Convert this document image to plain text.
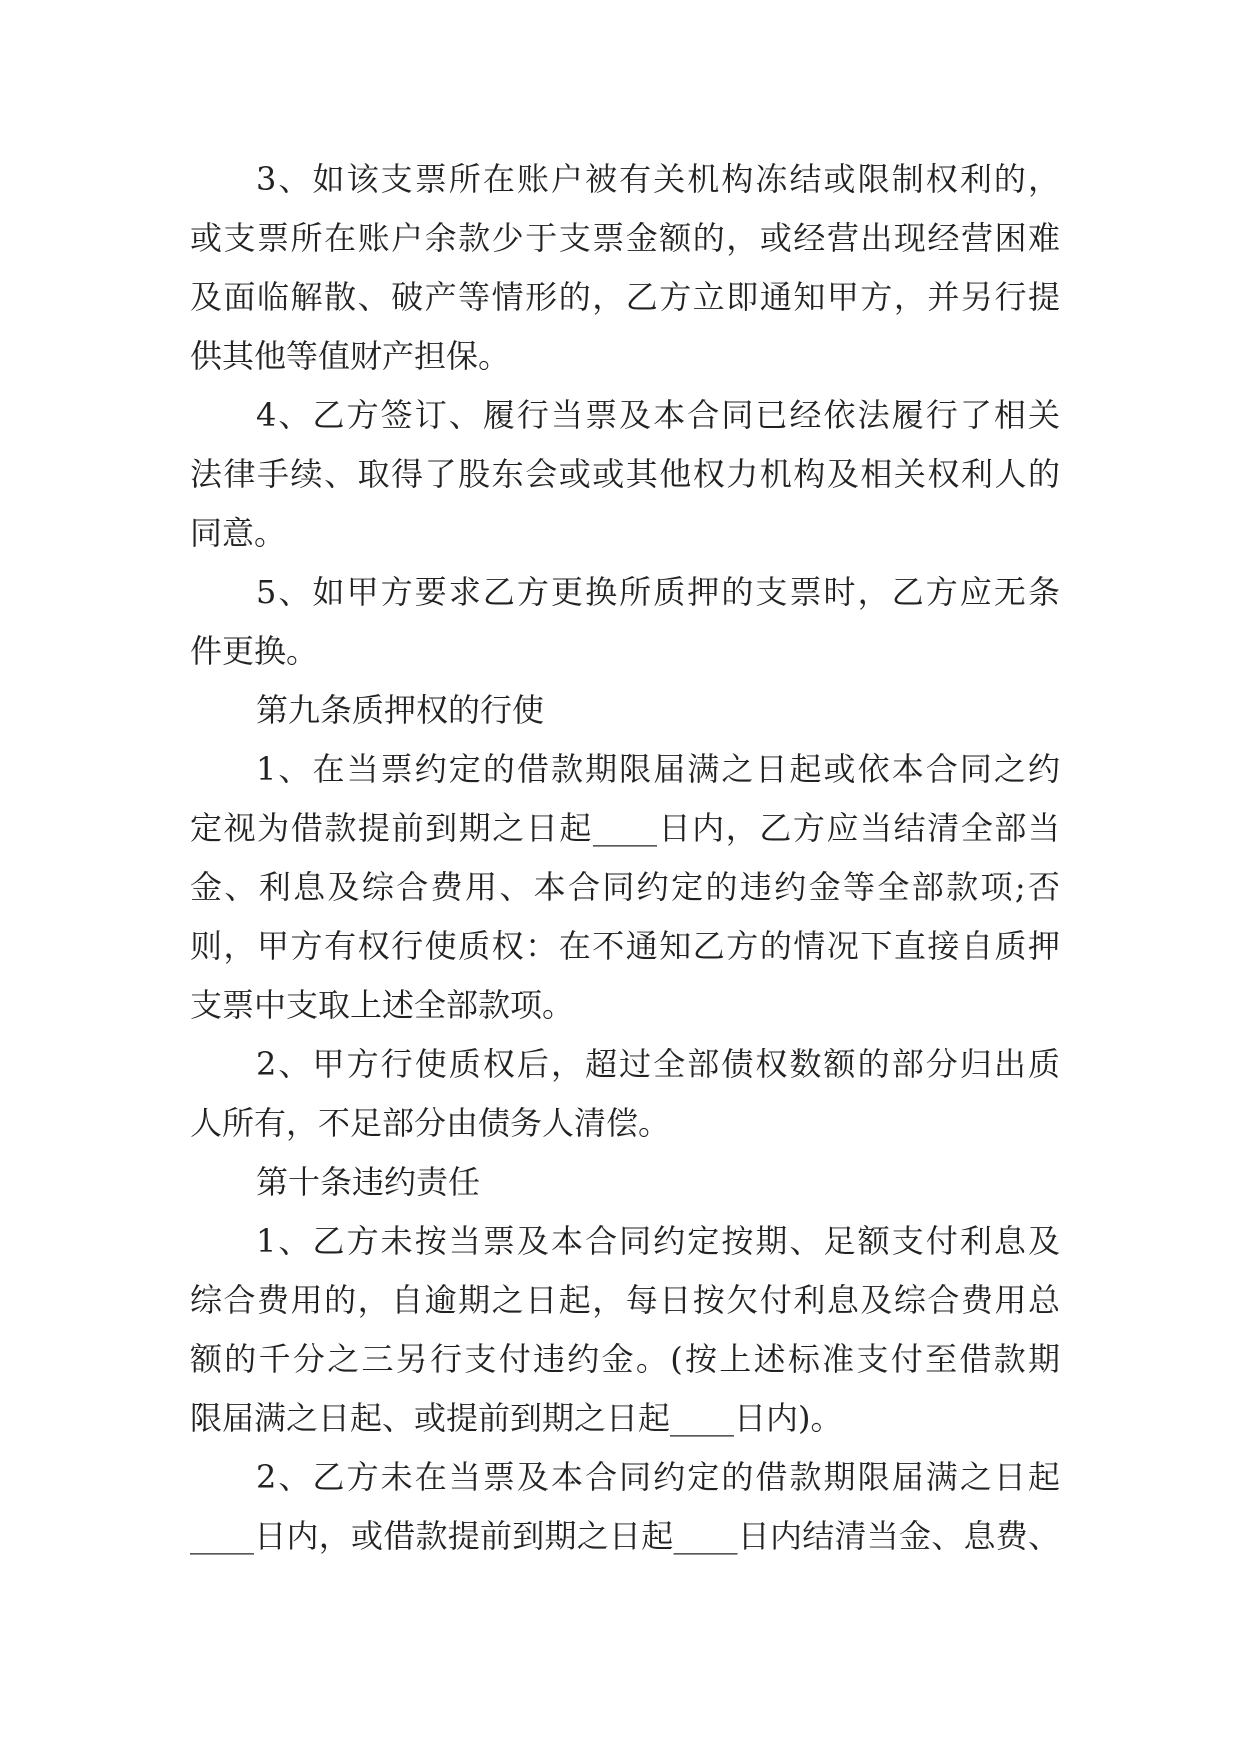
3、如该支票所在账户被有关机构冻结或限制权利的，
或支票所在账户余款少于支票金额的，或经营出现经营困难
及面临解散、破产等情形的，乙方立即通知甲方，并另行提
供其他等值财产担保。
4、乙方签订、履行当票及本合同已经依法履行了相关
法律手续、取得了股东会或或其他权力机构及相关权利人的
同意。
5、如甲方要求乙方更换所质押的支票时，乙方应无条
件更换。
第九条质押权的行使
1、在当票约定的借款期限届满之日起或依本合同之约
定视为借款提前到期之日起____日内，乙方应当结清全部当
金、利息及综合费用、本合同约定的违约金等全部款项;否
则，甲方有权行使质权：在不通知乙方的情况下直接自质押
支票中支取上述全部款项。
2、甲方行使质权后，超过全部债权数额的部分归出质
人所有，不足部分由债务人清偿。
第十条违约责任
1、乙方未按当票及本合同约定按期、足额支付利息及
综合费用的，自逾期之日起，每日按欠付利息及综合费用总
额的千分之三另行支付违约金。(按上述标准支付至借款期
限届满之日起、或提前到期之日起____日内)。
2、乙方未在当票及本合同约定的借款期限届满之日起
____日内，或借款提前到期之日起____日内结清当金、息费、
